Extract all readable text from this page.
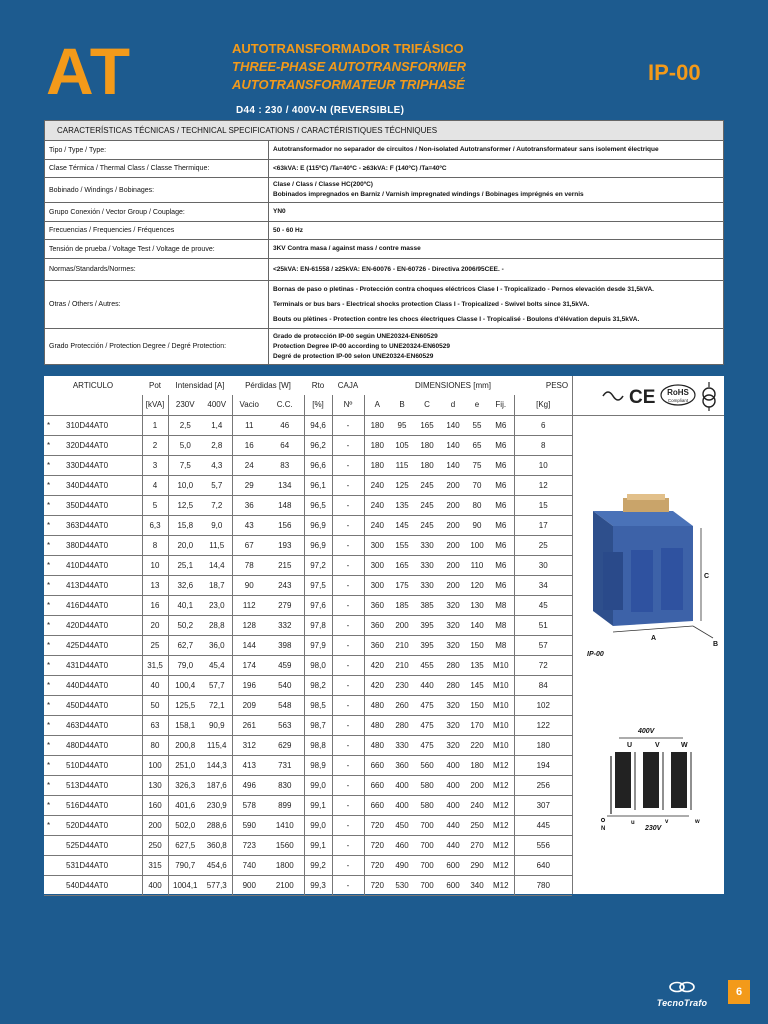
AT	AUTOTRANSFORMADOR TRIFÁSICO
THREE-PHASE AUTOTRANSFORMER
AUTOTRANSFORMATEUR TRIPHASÉ
D44 : 230 / 400V-N (REVERSIBLE)
IP-00
CARACTERÍSTICAS TÉCNICAS / TECHNICAL SPECIFICATIONS / CARACTÉRISTIQUES TÉCHNIQUES	
Tipo / Type / Type:	Autotransformador no separador de circuitos / Non-isolated Autotransformer / Autotransformateur sans isolement électrique

Clase Térmica / Thermal Class / Classe Thermique:	<63kVA: E (115ºC) /Ta=40ºC - ≥63kVA: F (140ºC) /Ta=40ºC

Bobinado / Windings / Bobinages:	Clase / Class / Classe HC(200ºC)
Bobinados impregnados en Barniz / Varnish impregnated windings / Bobinages imprégnés en vernis

Grupo Conexión / Vector Group / Couplage:	YN0

Frecuencias / Frequencies / Fréquences	50 - 60 Hz

Tensión de prueba / Voltage Test / Voltage de prouve:	3KV Contra masa / against mass / contre masse

Normas/Standards/Normes:	<25kVA: EN-61558 / ≥25kVA: EN-60076 - EN-60726 - Directiva 2006/95CEE. -

Otras / Others / Autres:	Bornas de paso o pletinas - Protección contra choques eléctricos Clase I - Tropicalizado - Pernos elevación desde 31,5kVA.
Terminals or bus bars - Electrical shocks protection Class I - Tropicalized - Swivel bolts since 31,5kVA.
Bouts ou plètines - Protection contre les chocs électriques Classe I - Tropicalisé - Boulons d'élévation depuis 31,5kVA.

Grado Protección / Protection Degree / Degré Protection:	Grado de protección IP-00 según UNE20324-EN60529
Protection Degree IP-00 according to UNE20324-EN60529
Degré de protection IP-00 selon UNE20324-EN60529
ARTICULO	Pot	Intensidad [A]		Pérdidas [W]		Rto	CAJA	DIMENSIONES [mm]							PESO
	[kVA]	230V	400V	Vacio	C.C.	[%]	Nº	A	B	C	d	e	Fij.	[Kg]	
* 310D44AT0	1	2,5	1,4	11	46	94,6	-	180	95	165	140	55	M6	6	
* 320D44AT0	2	5,0	2,8	16	64	96,2	-	180	105	180	140	65	M6	8	
* 330D44AT0	3	7,5	4,3	24	83	96,6	-	180	115	180	140	75	M6	10	
* 340D44AT0	4	10,0	5,7	29	134	96,1	-	240	125	245	200	70	M6	12	
* 350D44AT0	5	12,5	7,2	36	148	96,5	-	240	135	245	200	80	M6	15	
* 363D44AT0	6,3	15,8	9,0	43	156	96,9	-	240	145	245	200	90	M6	17	
* 380D44AT0	8	20,0	11,5	67	193	96,9	-	300	155	330	200	100	M6	25	
* 410D44AT0	10	25,1	14,4	78	215	97,2	-	300	165	330	200	110	M6	30	
* 413D44AT0	13	32,6	18,7	90	243	97,5	-	300	175	330	200	120	M6	34	
* 416D44AT0	16	40,1	23,0	112	279	97,6	-	360	185	385	320	130	M8	45	
* 420D44AT0	20	50,2	28,8	128	332	97,8	-	360	200	395	320	140	M8	51	
* 425D44AT0	25	62,7	36,0	144	398	97,9	-	360	210	395	320	150	M8	57	
* 431D44AT0	31,5	79,0	45,4	174	459	98,0	-	420	210	455	280	135	M10	72	
* 440D44AT0	40	100,4	57,7	196	540	98,2	-	420	230	440	280	145	M10	84	
* 450D44AT0	50	125,5	72,1	209	548	98,5	-	480	260	475	320	150	M10	102	
* 463D44AT0	63	158,1	90,9	261	563	98,7	-	480	280	475	320	170	M10	122	
* 480D44AT0	80	200,8	115,4	312	629	98,8	-	480	330	475	320	220	M10	180	
* 510D44AT0	100	251,0	144,3	413	731	98,9	-	660	360	560	400	180	M12	194	
* 513D44AT0	130	326,3	187,6	496	830	99,0	-	660	400	580	400	200	M12	256	
* 516D44AT0	160	401,6	230,9	578	899	99,1	-	660	400	580	400	240	M12	307	
* 520D44AT0	200	502,0	288,6	590	1410	99,0	-	720	450	700	440	250	M12	445	
525D44AT0	250	627,5	360,8	723	1560	99,1	-	720	460	700	440	270	M12	556	
531D44AT0	315	790,7	454,6	740	1800	99,2	-	720	490	700	600	290	M12	640	
540D44AT0	400	1004,1	577,3	900	2100	99,3	-	720	530	700	600	340	M12	780	
CE RoHS
Compliant
C
A
B
IP-00
400V
U	V	W
N
u	v	w
230V
TecnoTrafo
6
